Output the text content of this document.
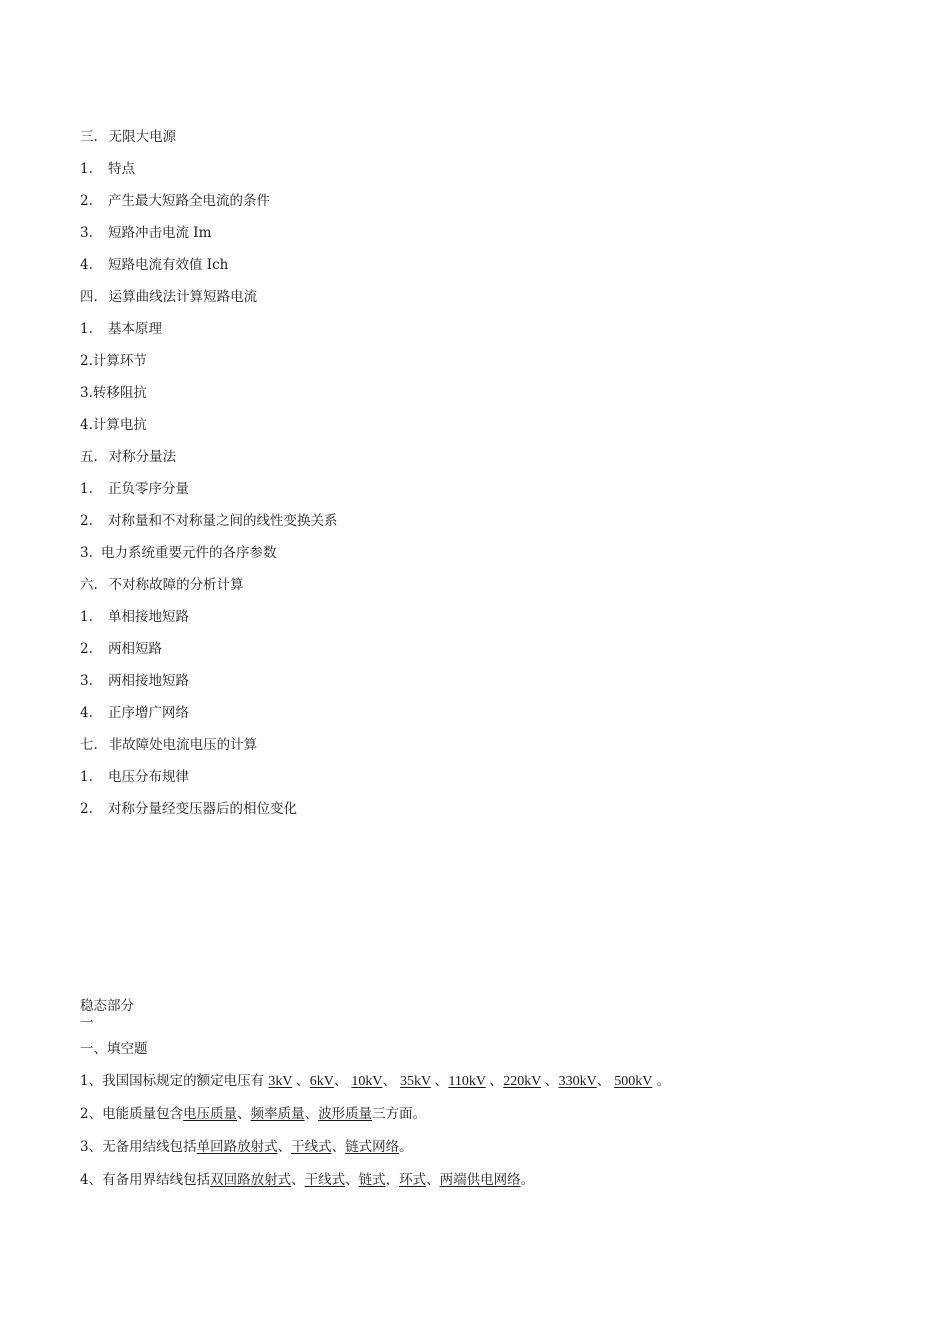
三. 无限大电源
1. 特点
2. 产生最大短路全电流的条件
3. 短路冲击电流 Im
4. 短路电流有效值 Ich
四. 运算曲线法计算短路电流
1. 基本原理
2.计算环节
3.转移阻抗
4.计算电抗
五. 对称分量法
1. 正负零序分量
2. 对称量和不对称量之间的线性变换关系
3. 电力系统重要元件的各序参数
六. 不对称故障的分析计算
1. 单相接地短路
2. 两相短路
3. 两相接地短路
4. 正序增广网络
七. 非故障处电流电压的计算
1. 电压分布规律
2. 对称分量经变压器后的相位变化
稳态部分
一
一、填空题
1、我国国标规定的额定电压有 3kV 、6kV、 10kV、 35kV 、110kV 、220kV 、330kV、 500kV 。
2、电能质量包含电压质量、频率质量、波形质量三方面。
3、无备用结线包括单回路放射式、干线式、链式网络。
4、有备用界结线包括双回路放射式、干线式、链式，环式、两端供电网络。
